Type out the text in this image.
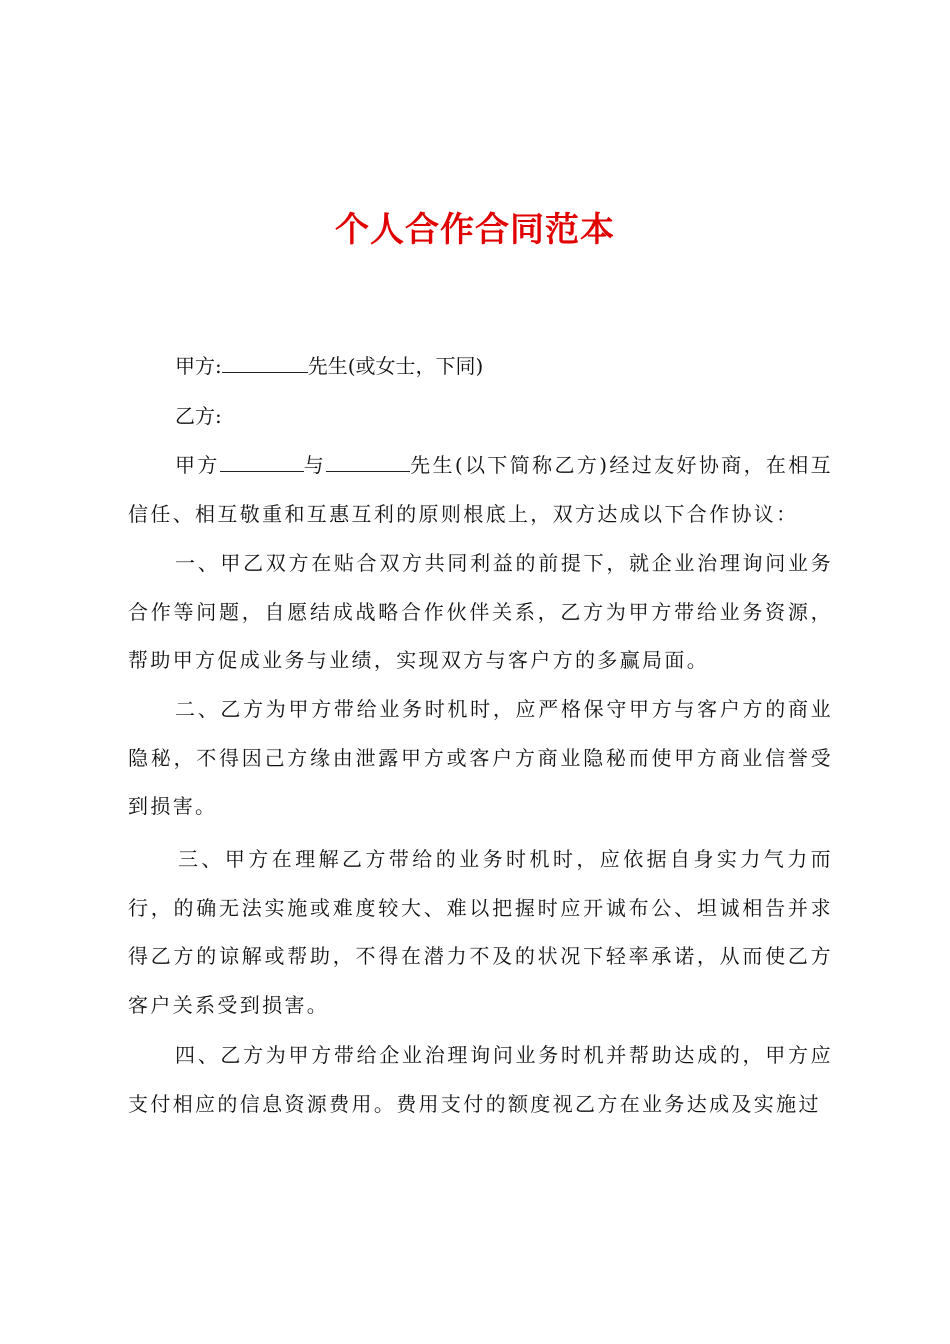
个人合作合同范本

甲方:	先生(或女士，下同)

乙方:

甲方	与	先生(以下简称乙方)经过友好协商，在相互信任、相互敬重和互惠互利的原则根底上，双方达成以下合作协议：

一、甲乙双方在贴合双方共同利益的前提下，就企业治理询问业务合作等问题，自愿结成战略合作伙伴关系，乙方为甲方带给业务资源，帮助甲方促成业务与业绩，实现双方与客户方的多赢局面。

二、乙方为甲方带给业务时机时，应严格保守甲方与客户方的商业隐秘，不得因己方缘由泄露甲方或客户方商业隐秘而使甲方商业信誉受到损害。

三、甲方在理解乙方带给的业务时机时，应依据自身实力气力而行，的确无法实施或难度较大、难以把握时应开诚布公、坦诚相告并求得乙方的谅解或帮助，不得在潜力不及的状况下轻率承诺，从而使乙方客户关系受到损害。

四、乙方为甲方带给企业治理询问业务时机并帮助达成的，甲方应支付相应的信息资源费用。费用支付的额度视乙方在业务达成及实施过
